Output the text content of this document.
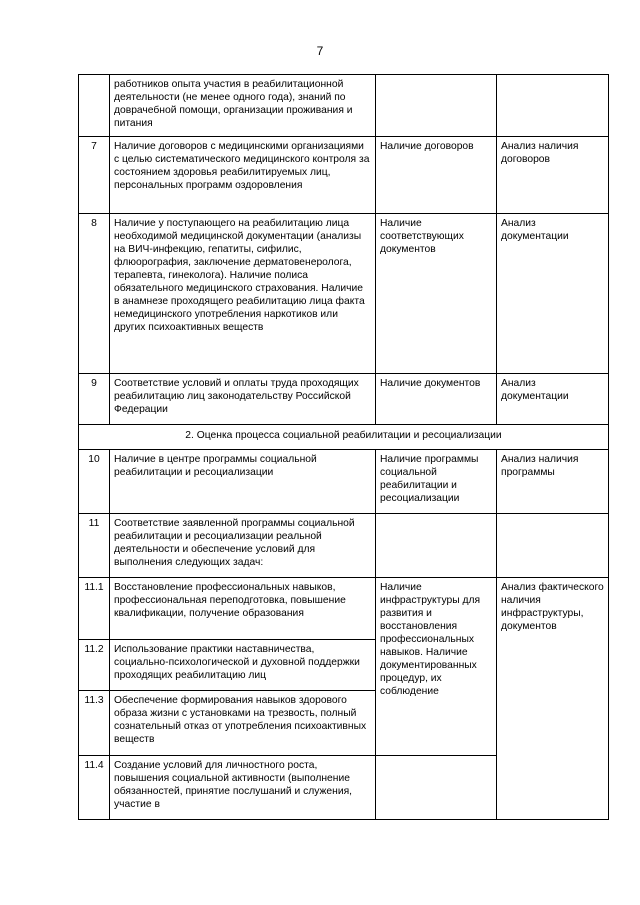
7
	работников опыта участия в реабилитационной деятельности (не менее одного года), знаний по доврачебной помощи, организации проживания и питания		
7	Наличие договоров с медицинскими организациями с целью систематического медицинского контроля за состоянием здоровья реабилитируемых лиц, персональных программ оздоровления	Наличие договоров	Анализ наличия договоров
8	Наличие у поступающего на реабилитацию лица необходимой медицинской документации (анализы на ВИЧ-инфекцию, гепатиты, сифилис, флюорография, заключение дерматовенеролога, терапевта, гинеколога). Наличие полиса обязательного медицинского страхования. Наличие в анамнезе проходящего реабилитацию лица факта немедицинского употребления наркотиков или других психоактивных веществ	Наличие соответствующих документов	Анализ документации
9	Соответствие условий и оплаты труда проходящих реабилитацию лиц законодательству Российской Федерации	Наличие документов	Анализ документации
2. Оценка процесса социальной реабилитации и ресоциализации			
10	Наличие в центре программы социальной реабилитации и ресоциализации	Наличие программы социальной реабилитации и ресоциализации	Анализ наличия программы
11	Соответствие заявленной программы социальной реабилитации и ресоциализации реальной деятельности и обеспечение условий для выполнения следующих задач:		
11.1	Восстановление профессиональных навыков, профессиональная переподготовка, повышение квалификации, получение образования	Наличие инфраструктуры для развития и восстановления профессиональных навыков. Наличие документированных процедур, их соблюдение	Анализ фактического наличия инфраструктуры, документов
11.2	Использование практики наставничества, социально-психологической и духовной поддержки проходящих реабилитацию лиц		
11.3	Обеспечение формирования навыков здорового образа жизни с установками на трезвость, полный сознательный отказ от употребления психоактивных веществ		
11.4	Создание условий для личностного роста, повышения социальной активности (выполнение обязанностей, принятие послушаний и служения, участие в		
